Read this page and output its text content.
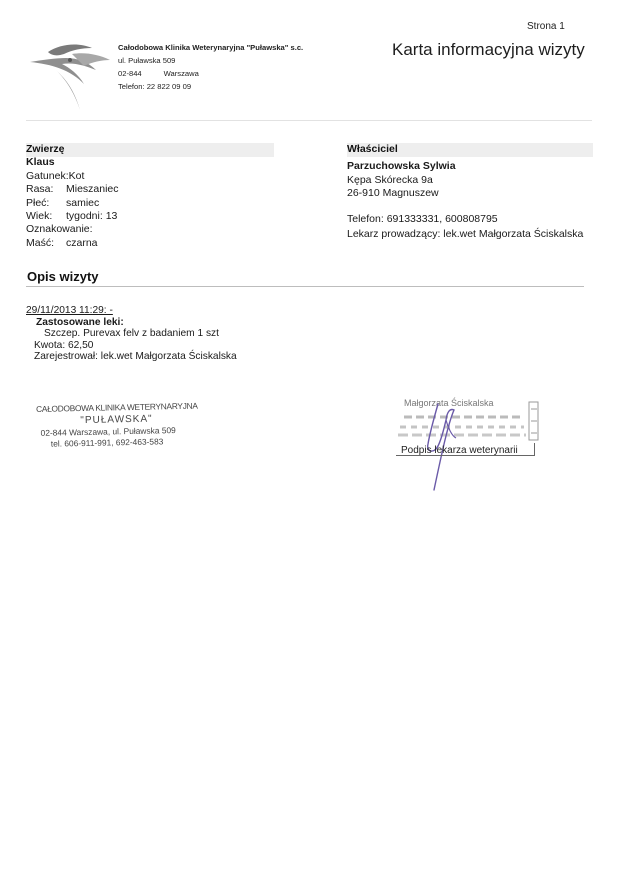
Strona 1
Karta informacyjna wizyty
Całodobowa Klinika Weterynaryjna "Puławska" s.c.
ul. Puławska 509
02-844	Warszawa
Telefon: 22 822 09 09
Zwierzę
Klaus
Gatunek:Kot
Rasa:	Mieszaniec
Płeć:	samiec
Wiek:	tygodni: 13
Oznakowanie:
Maść:	czarna
Właściciel
Parzuchowska Sylwia
Kępa Skórecka 9a
26-910 Magnuszew
Telefon: 691333331, 600808795
Lekarz prowadzący: lek.wet Małgorzata Ściskalska
Opis wizyty
29/11/2013 11:29: -
Zastosowane leki:
Szczep. Purevax felv z badaniem 1 szt
Kwota: 62,50
Zarejestrował: lek.wet Małgorzata Ściskalska
CAŁODOBOWA KLINIKA WETERYNARYJNA
"PUŁAWSKA"
02-844 Warszawa, ul. Puławska 509
tel. 606-911-991, 692-463-583
Małgorzata Ściskalska
Podpis lekarza weterynarii
